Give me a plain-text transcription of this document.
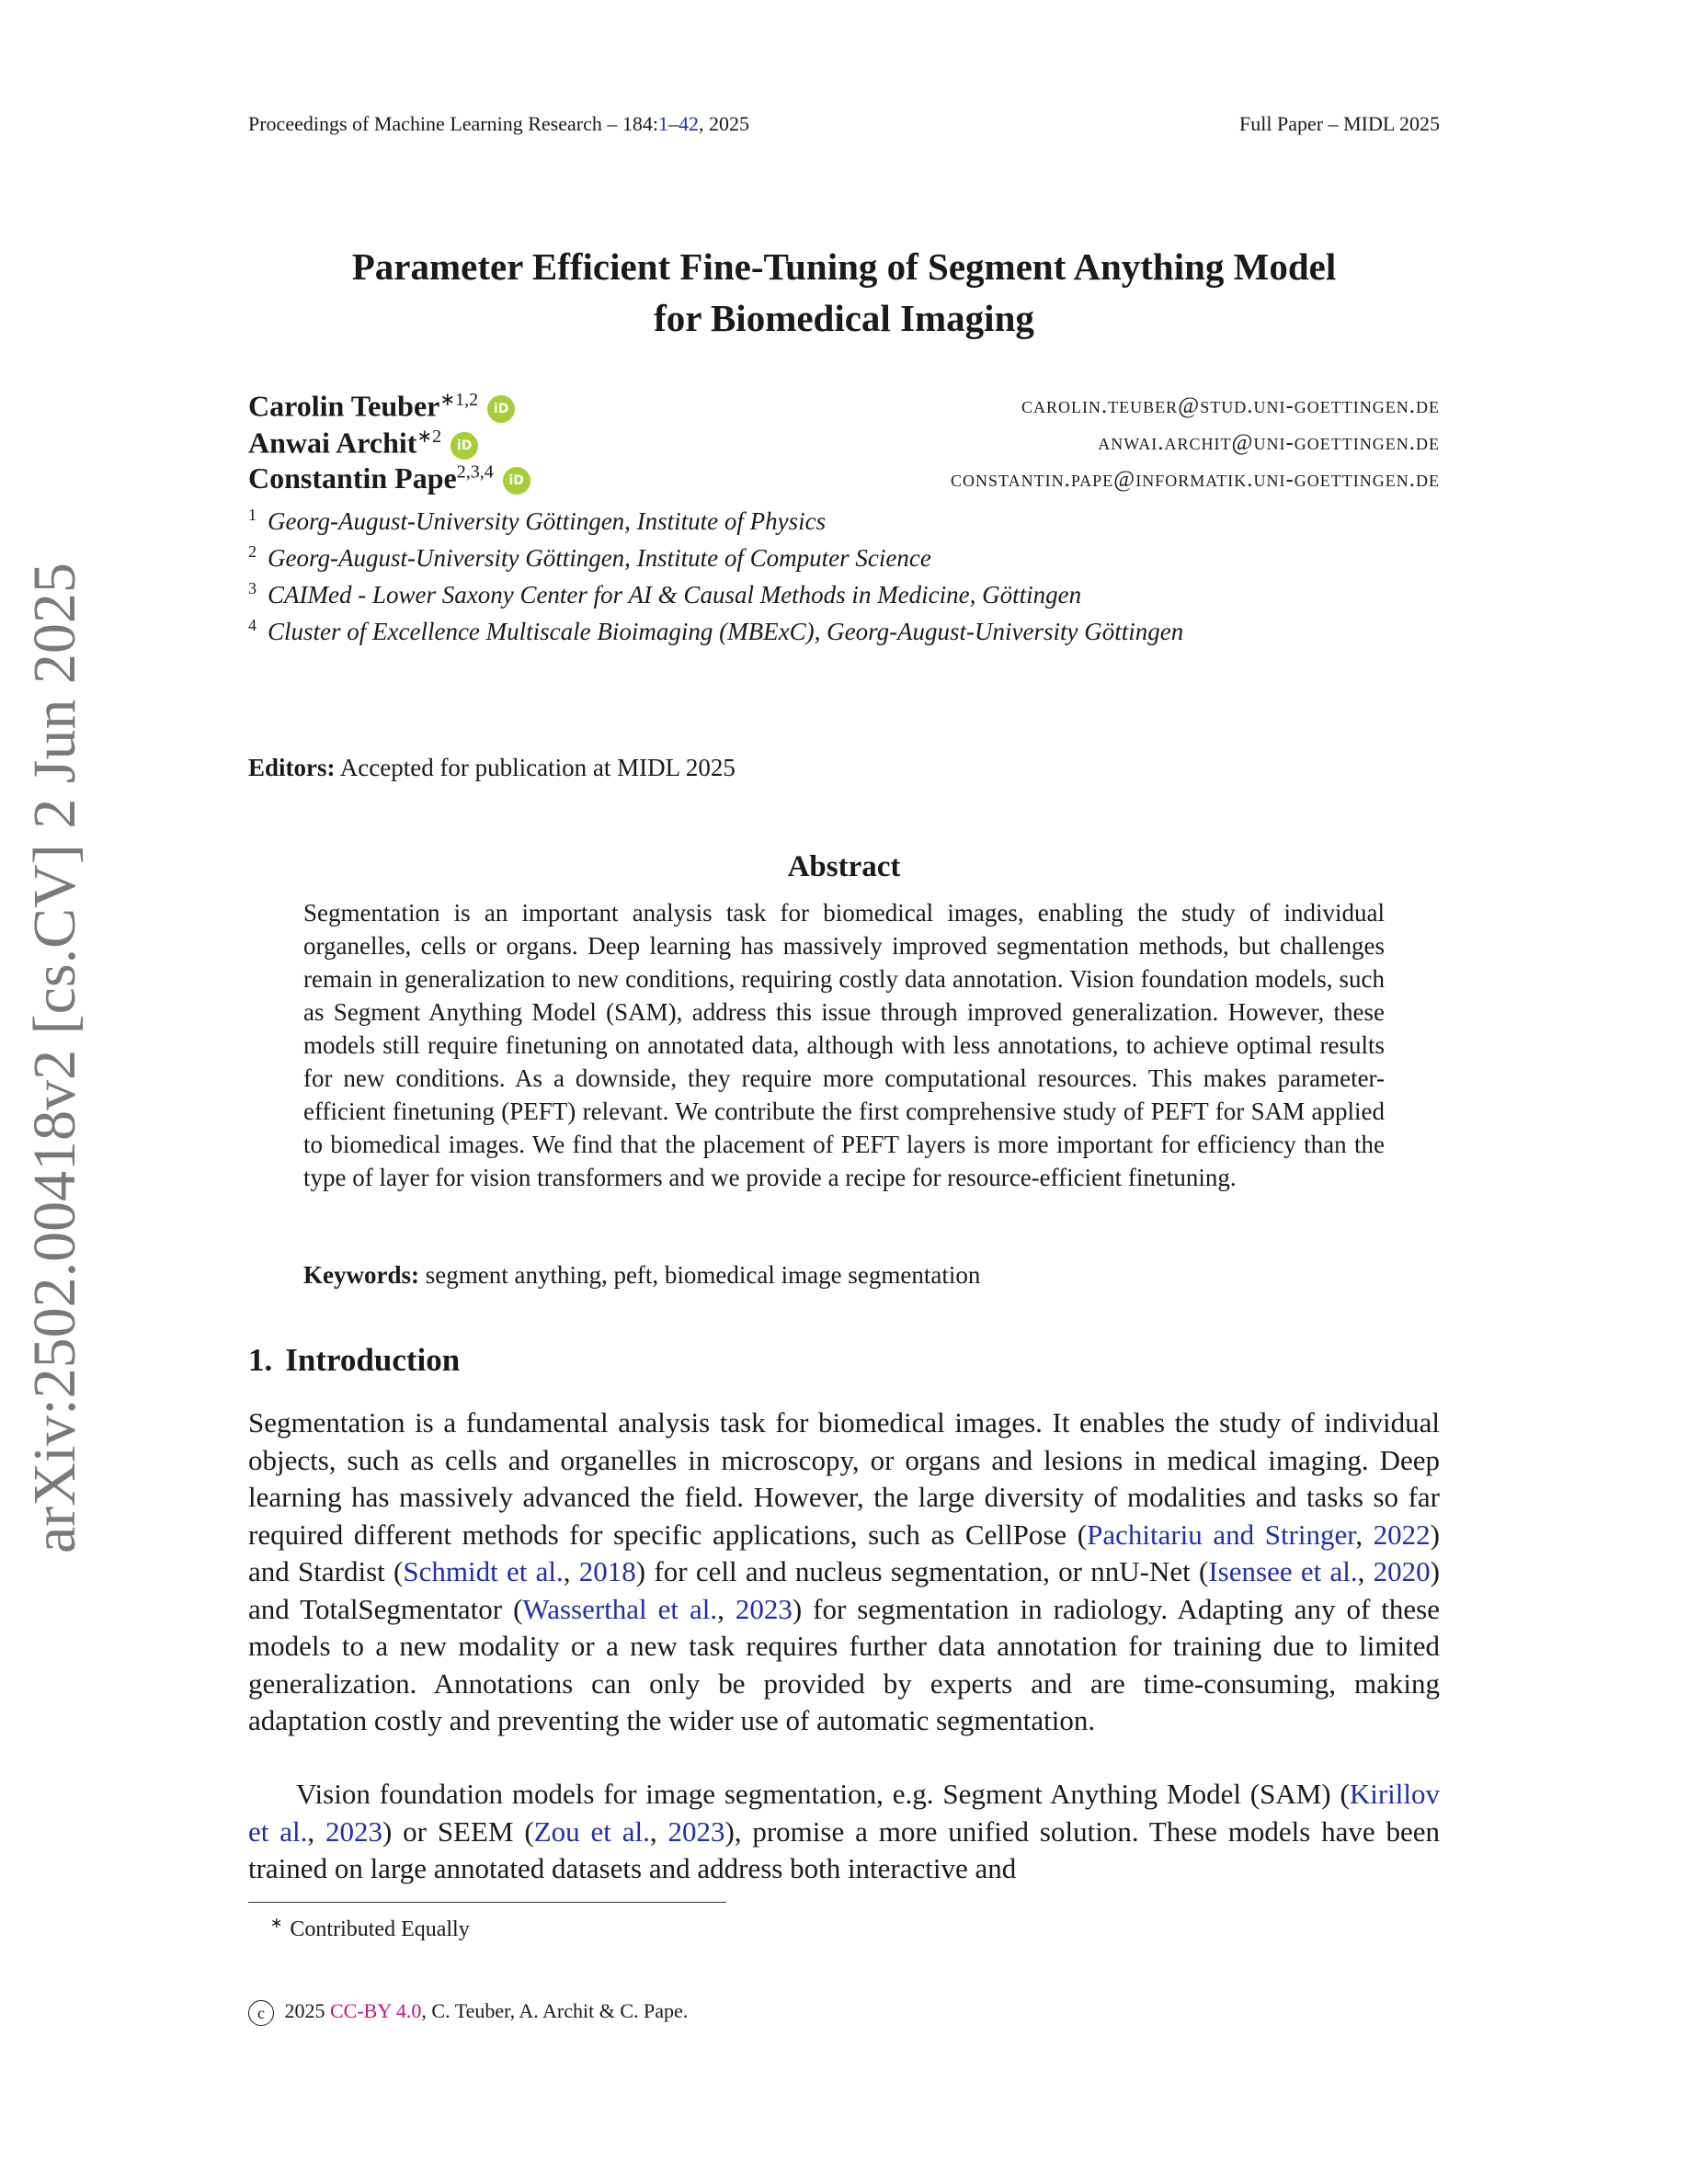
Proceedings of Machine Learning Research – 184:1–42, 2025	Full Paper – MIDL 2025
arXiv:2502.00418v2 [cs.CV] 2 Jun 2025
Parameter Efficient Fine-Tuning of Segment Anything Model
for Biomedical Imaging
Carolin Teuber$^{∗1,2}$ iD	carolin.teuber@stud.uni-goettingen.de
Anwai Archit$^{∗2}$ iD	anwai.archit@uni-goettingen.de
Constantin Pape$^{2,3,4}$ iD	constantin.pape@informatik.uni-goettingen.de
$^1$ Georg-August-University Göttingen, Institute of Physics
$^2$ Georg-August-University Göttingen, Institute of Computer Science
$^3$ CAIMed - Lower Saxony Center for AI & Causal Methods in Medicine, Göttingen
$^4$ Cluster of Excellence Multiscale Bioimaging (MBExC), Georg-August-University Göttingen
Editors: Accepted for publication at MIDL 2025
Abstract
Segmentation is an important analysis task for biomedical images, enabling the study of individual organelles, cells or organs. Deep learning has massively improved segmentation methods, but challenges remain in generalization to new conditions, requiring costly data annotation. Vision foundation models, such as Segment Anything Model (SAM), address this issue through improved generalization. However, these models still require finetuning on annotated data, although with less annotations, to achieve optimal results for new conditions. As a downside, they require more computational resources. This makes parameter-efficient finetuning (PEFT) relevant. We contribute the first comprehensive study of PEFT for SAM applied to biomedical images. We find that the placement of PEFT layers is more important for efficiency than the type of layer for vision transformers and we provide a recipe for resource-efficient finetuning.
Keywords: segment anything, peft, biomedical image segmentation
1. Introduction
Segmentation is a fundamental analysis task for biomedical images. It enables the study of individual objects, such as cells and organelles in microscopy, or organs and lesions in medical imaging. Deep learning has massively advanced the field. However, the large diversity of modalities and tasks so far required different methods for specific applications, such as CellPose (Pachitariu and Stringer, 2022) and Stardist (Schmidt et al., 2018) for cell and nucleus segmentation, or nnU-Net (Isensee et al., 2020) and TotalSegmentator (Wasserthal et al., 2023) for segmentation in radiology. Adapting any of these models to a new modality or a new task requires further data annotation for training due to limited generalization. Annotations can only be provided by experts and are time-consuming, making adaptation costly and preventing the wider use of automatic segmentation.
Vision foundation models for image segmentation, e.g. Segment Anything Model (SAM) (Kirillov et al., 2023) or SEEM (Zou et al., 2023), promise a more unified solution. These models have been trained on large annotated datasets and address both interactive and
∗ Contributed Equally
c 2025 CC-BY 4.0, C. Teuber, A. Archit & C. Pape.
